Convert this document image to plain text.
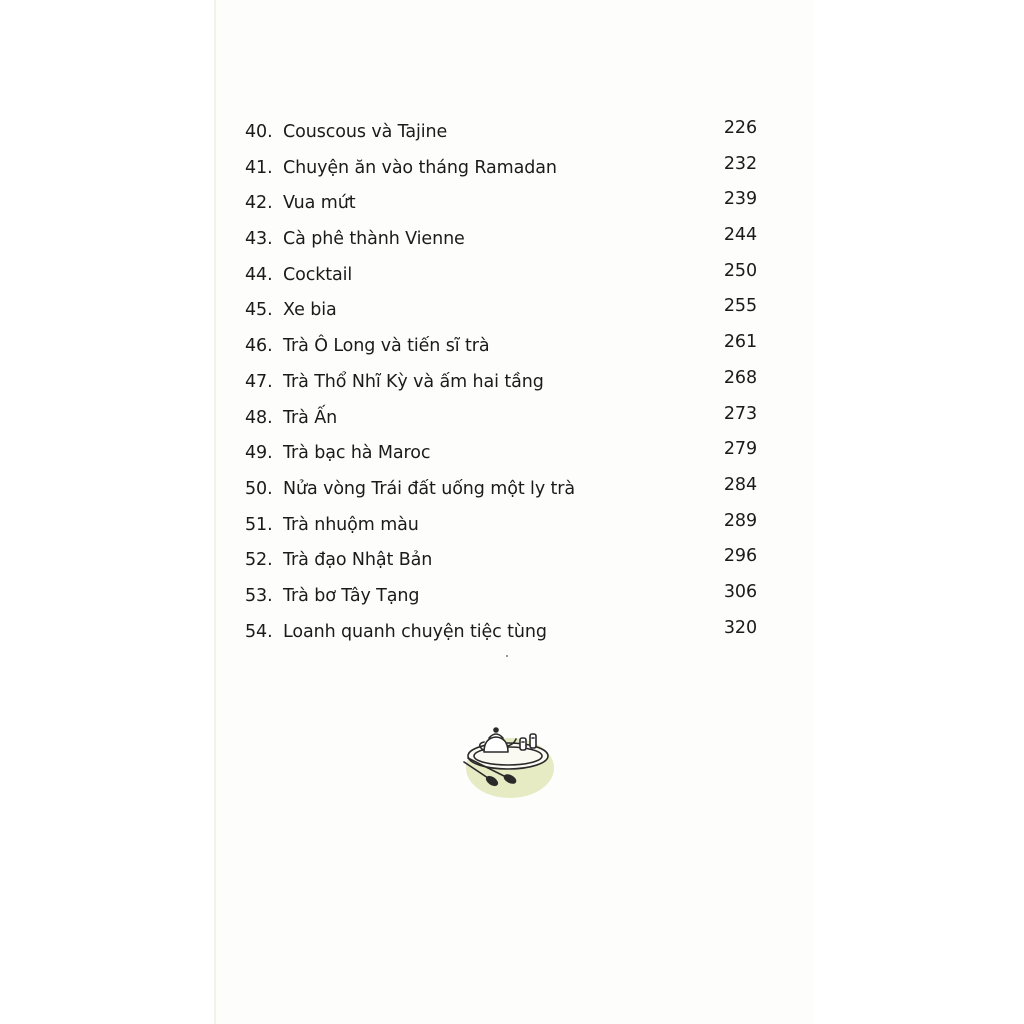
40. Couscous và Tajine	226
41. Chuyện ăn vào tháng Ramadan	232
42. Vua mứt	239
43. Cà phê thành Vienne	244
44. Cocktail	250
45. Xe bia	255
46. Trà Ô Long và tiến sĩ trà	261
47. Trà Thổ Nhĩ Kỳ và ấm hai tầng	268
48. Trà Ấn	273
49. Trà bạc hà Maroc	279
50. Nửa vòng Trái đất uống một ly trà	284
51. Trà nhuộm màu	289
52. Trà đạo Nhật Bản	296
53. Trà bơ Tây Tạng	306
54. Loanh quanh chuyện tiệc tùng	320
